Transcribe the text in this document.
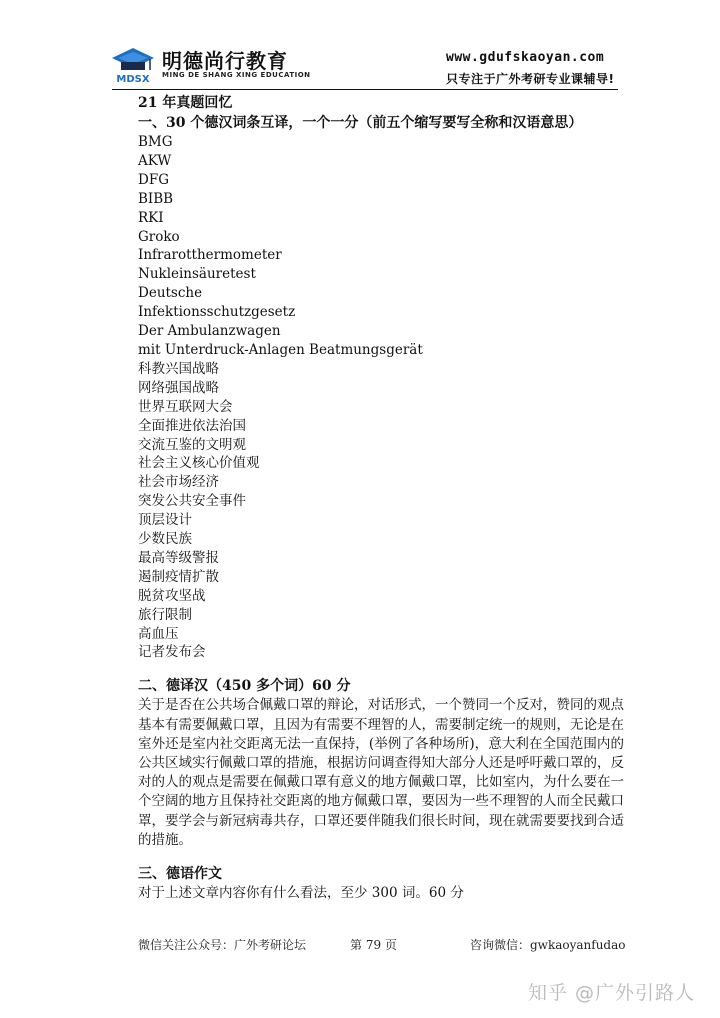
MDSX
明德尚行教育
MING DE SHANG XING EDUCATION
www.gdufskaoyan.com
只专注于广外考研专业课辅导!
21 年真题回忆
一、30 个德汉词条互译，一个一分（前五个缩写要写全称和汉语意思）
BMG
AKW
DFG
BIBB
RKI
Groko
Infrarotthermometer
Nukleinsäuretest
Deutsche
Infektionsschutzgesetz
Der Ambulanzwagen
mit Unterdruck-Anlagen Beatmungsgerät
科教兴国战略
网络强国战略
世界互联网大会
全面推进依法治国
交流互鉴的文明观
社会主义核心价值观
社会市场经济
突发公共安全事件
顶层设计
少数民族
最高等级警报
遏制疫情扩散
脱贫攻坚战
旅行限制
高血压
记者发布会
二、德译汉（450 多个词）60 分

关于是否在公共场合佩戴口罩的辩论，对话形式，一个赞同一个反对，赞同的观点基本有需要佩戴口罩，且因为有需要不理智的人，需要制定统一的规则，无论是在室外还是室内社交距离无法一直保持，(举例了各种场所)，意大利在全国范围内的公共区域实行佩戴口罩的措施，根据访问调查得知大部分人还是呼吁戴口罩的，反对的人的观点是需要在佩戴口罩有意义的地方佩戴口罩，比如室内，为什么要在一个空阔的地方且保持社交距离的地方佩戴口罩，要因为一些不理智的人而全民戴口罩，要学会与新冠病毒共存，口罩还要伴随我们很长时间，现在就需要要找到合适的措施。

三、德语作文

对于上述文章内容你有什么看法，至少 300 词。60 分

微信关注公众号：广外考研论坛	第 79 页	咨询微信：gwkaoyanfudao
知乎 @广外引路人
